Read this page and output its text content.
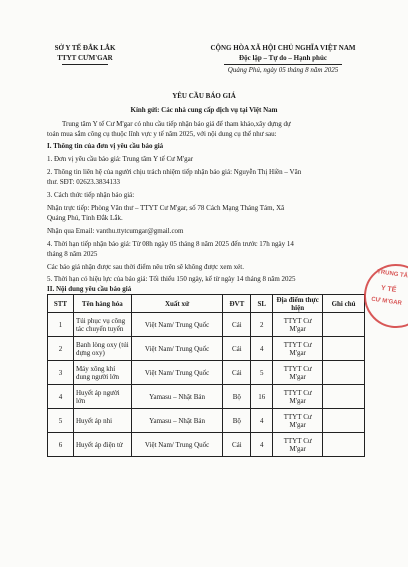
SỞ Y TẾ ĐẮK LẮK
TTYT CƯM'GAR
CỘNG HÒA XÃ HỘI CHỦ NGHĨA VIỆT NAM
Độc lập – Tự do – Hạnh phúc
Quảng Phú, ngày 05 tháng 8 năm 2025
YÊU CẦU BÁO GIÁ
Kính gửi: Các nhà cung cấp dịch vụ tại Việt Nam
Trung tâm Y tế Cư M'gar có nhu cầu tiếp nhận báo giá để tham khảo,xây dựng dự
toán mua sắm công cụ thuộc lĩnh vực y tế năm 2025, với nội dung cụ thể như sau:
I. Thông tin của đơn vị yêu cầu báo giá
1. Đơn vị yêu cầu báo giá: Trung tâm Y tế Cư M'gar
2. Thông tin liên hệ của người chịu trách nhiệm tiếp nhận báo giá: Nguyễn Thị Hiền – Văn
thư. SĐT: 02623.3834133
3. Cách thức tiếp nhận báo giá:
Nhận trực tiếp: Phòng Văn thư – TTYT Cư M'gar, số 78 Cách Mạng Tháng Tám, Xã
Quảng Phú, Tỉnh Đắk Lắk.
Nhận qua Email: vanthu.ttytcumgar@gmail.com
4. Thời hạn tiếp nhận báo giá: Từ 08h ngày 05 tháng 8 năm 2025 đến trước 17h ngày 14
tháng 8 năm 2025
Các báo giá nhận được sau thời điểm nêu trên sẽ không được xem xét.
5. Thời hạn có hiệu lực của báo giá: Tối thiểu 150 ngày, kể từ ngày 14 tháng 8 năm 2025
II. Nội dung yêu cầu báo giá
STT	Tên hàng hóa	Xuất xứ	ĐVT	SL	Địa điểm thực hiện	Ghi chú
1	Túi phục vụ công tác chuyển tuyến	Việt Nam/ Trung Quốc	Cái	2	TTYT Cư M'gar	
2	Banh lòng oxy (túi dựng oxy)	Việt Nam/ Trung Quốc	Cái	4	TTYT Cư M'gar	
3	Máy xông khí dung người lớn	Việt Nam/ Trung Quốc	Cái	5	TTYT Cư M'gar	
4	Huyết áp người lớn	Yamasu – Nhật Bản	Bộ	16	TTYT Cư M'gar	
5	Huyết áp nhi	Yamasu – Nhật Bản	Bộ	4	TTYT Cư M'gar	
6	Huyết áp điện tử	Việt Nam/ Trung Quốc	Cái	4	TTYT Cư M'gar	
TRUNG TÂ
Y TẾ
CƯ M'GAR
